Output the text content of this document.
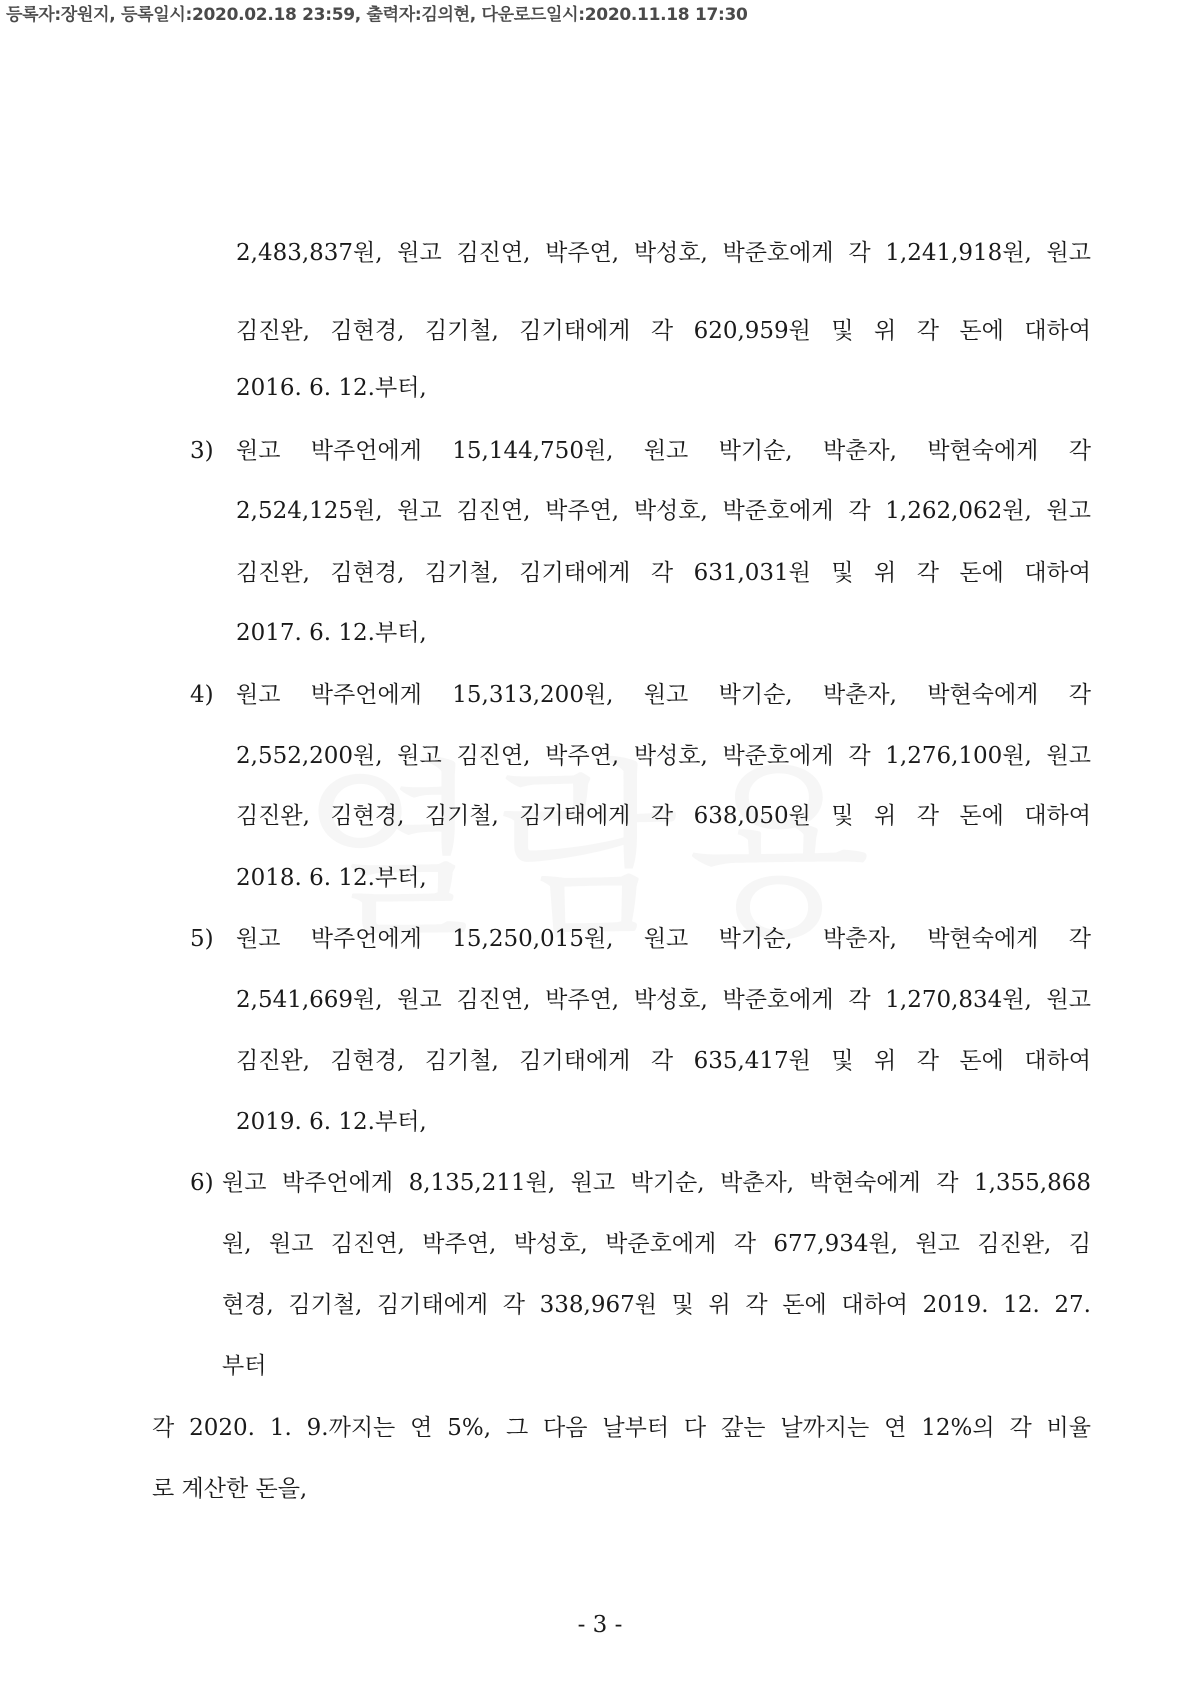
등록자:장원지, 등록일시:2020.02.18 23:59, 출력자:김의현, 다운로드일시:2020.11.18 17:30
2,483,837원, 원고 김진연, 박주연, 박성호, 박준호에게 각 1,241,918원, 원고
김진완, 김현경, 김기철, 김기태에게 각 620,959원 및 위 각 돈에 대하여
2016. 6. 12.부터,
3) 원고 박주언에게 15,144,750원, 원고 박기순, 박춘자, 박현숙에게 각
2,524,125원, 원고 김진연, 박주연, 박성호, 박준호에게 각 1,262,062원, 원고
김진완, 김현경, 김기철, 김기태에게 각 631,031원 및 위 각 돈에 대하여
2017. 6. 12.부터,
4) 원고 박주언에게 15,313,200원, 원고 박기순, 박춘자, 박현숙에게 각
2,552,200원, 원고 김진연, 박주연, 박성호, 박준호에게 각 1,276,100원, 원고
김진완, 김현경, 김기철, 김기태에게 각 638,050원 및 위 각 돈에 대하여
2018. 6. 12.부터,
5) 원고 박주언에게 15,250,015원, 원고 박기순, 박춘자, 박현숙에게 각
2,541,669원, 원고 김진연, 박주연, 박성호, 박준호에게 각 1,270,834원, 원고
김진완, 김현경, 김기철, 김기태에게 각 635,417원 및 위 각 돈에 대하여
2019. 6. 12.부터,
6) 원고 박주언에게 8,135,211원, 원고 박기순, 박춘자, 박현숙에게 각 1,355,868
원, 원고 김진연, 박주연, 박성호, 박준호에게 각 677,934원, 원고 김진완, 김
현경, 김기철, 김기태에게 각 338,967원 및 위 각 돈에 대하여 2019. 12. 27.
부터
각 2020. 1. 9.까지는 연 5%, 그 다음 날부터 다 갚는 날까지는 연 12%의 각 비율
로 계산한 돈을,
- 3 -
